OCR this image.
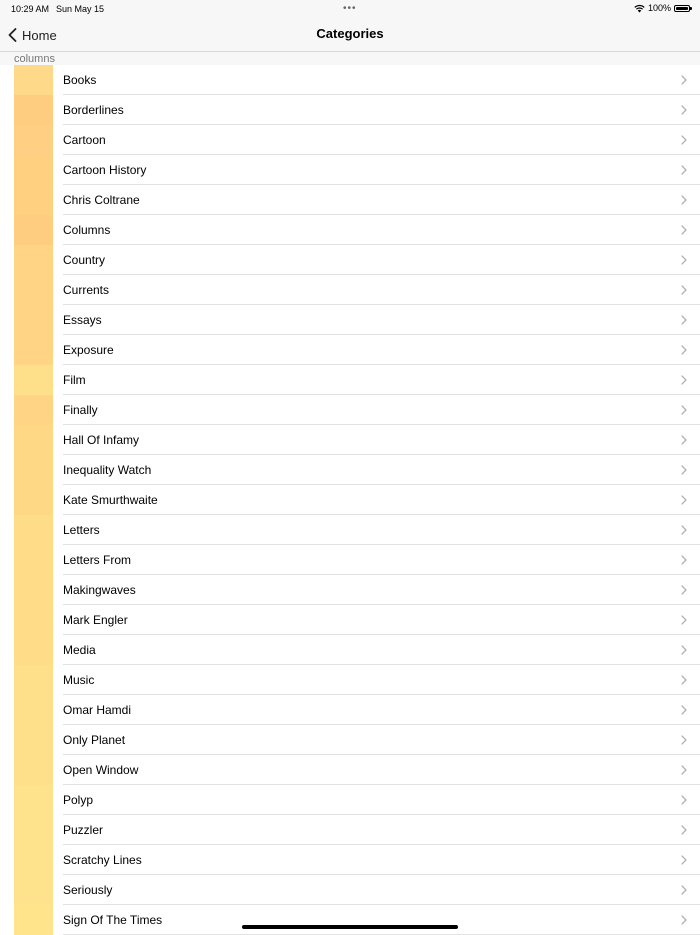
10:29 AM Sun May 15	•••	100%
Home	Categories
columns
Books
Borderlines
Cartoon
Cartoon History
Chris Coltrane
Columns
Country
Currents
Essays
Exposure
Film
Finally
Hall Of Infamy
Inequality Watch
Kate Smurthwaite
Letters
Letters From
Makingwaves
Mark Engler
Media
Music
Omar Hamdi
Only Planet
Open Window
Polyp
Puzzler
Scratchy Lines
Seriously
Sign Of The Times
